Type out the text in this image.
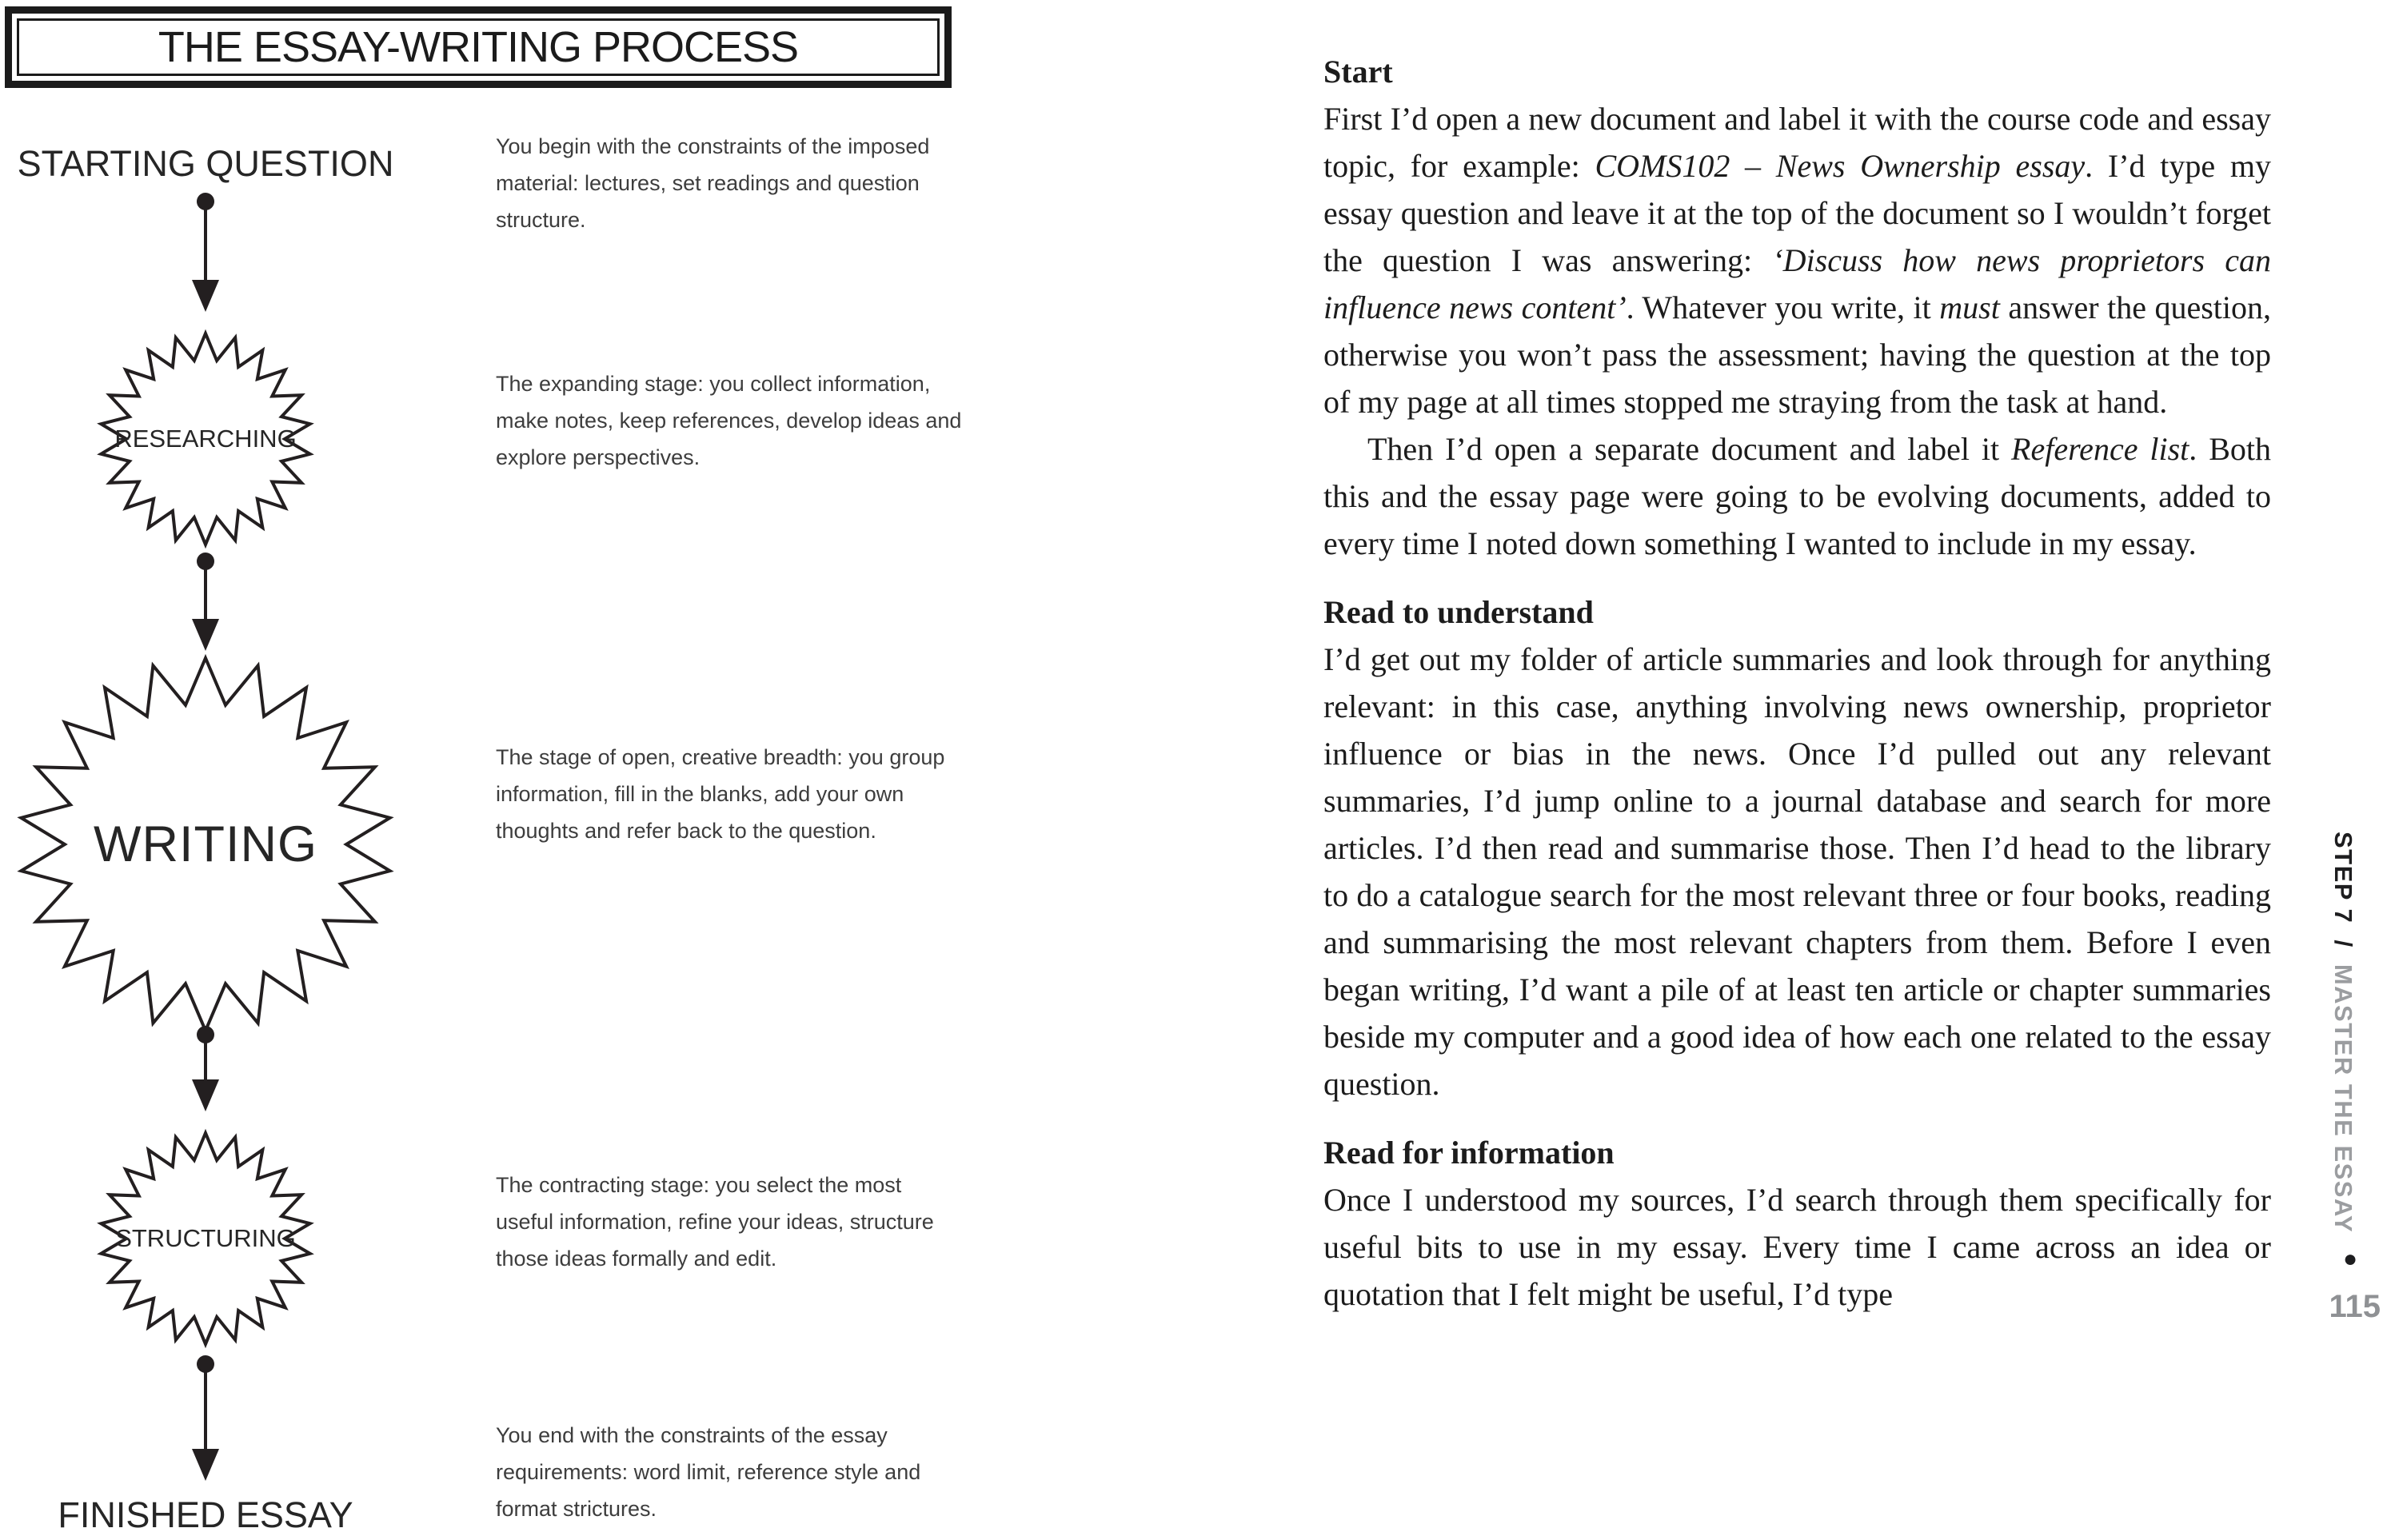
THE ESSAY-WRITING PROCESS
STARTING QUESTION
RESEARCHING
WRITING
STRUCTURING
FINISHED ESSAY
You begin with the constraints of the imposed material: lectures, set readings and question structure.
The expanding stage: you collect information, make notes, keep references, develop ideas and explore perspectives.
The stage of open, creative breadth: you group information, fill in the blanks, add your own thoughts and refer back to the question.
The contracting stage: you select the most useful information, refine your ideas, structure those ideas formally and edit.
You end with the constraints of the essay requirements: word limit, reference style and format strictures.
Start

First I’d open a new document and label it with the course code and essay topic, for example: COMS102 – News Ownership essay. I’d type my essay question and leave it at the top of the document so I wouldn’t forget the question I was answering: ‘Discuss how news proprietors can influence news content’. Whatever you write, it must answer the question, otherwise you won’t pass the assessment; having the question at the top of my page at all times stopped me straying from the task at hand.

Then I’d open a separate document and label it Reference list. Both this and the essay page were going to be evolving documents, added to every time I noted down something I wanted to include in my essay.

Read to understand

I’d get out my folder of article summaries and look through for anything relevant: in this case, anything involving news ownership, proprietor influence or bias in the news. Once I’d pulled out any relevant summaries, I’d jump online to a journal database and search for more articles. I’d then read and summarise those. Then I’d head to the library to do a catalogue search for the most relevant three or four books, reading and summarising the most relevant chapters from them. Before I even began writing, I’d want a pile of at least ten article or chapter summaries beside my computer and a good idea of how each one related to the essay question.

Read for information

Once I understood my sources, I’d search through them specifically for useful bits to use in my essay. Every time I came across an idea or quotation that I felt might be useful, I’d type

STEP 7  /  MASTER THE ESSAY
●
115
